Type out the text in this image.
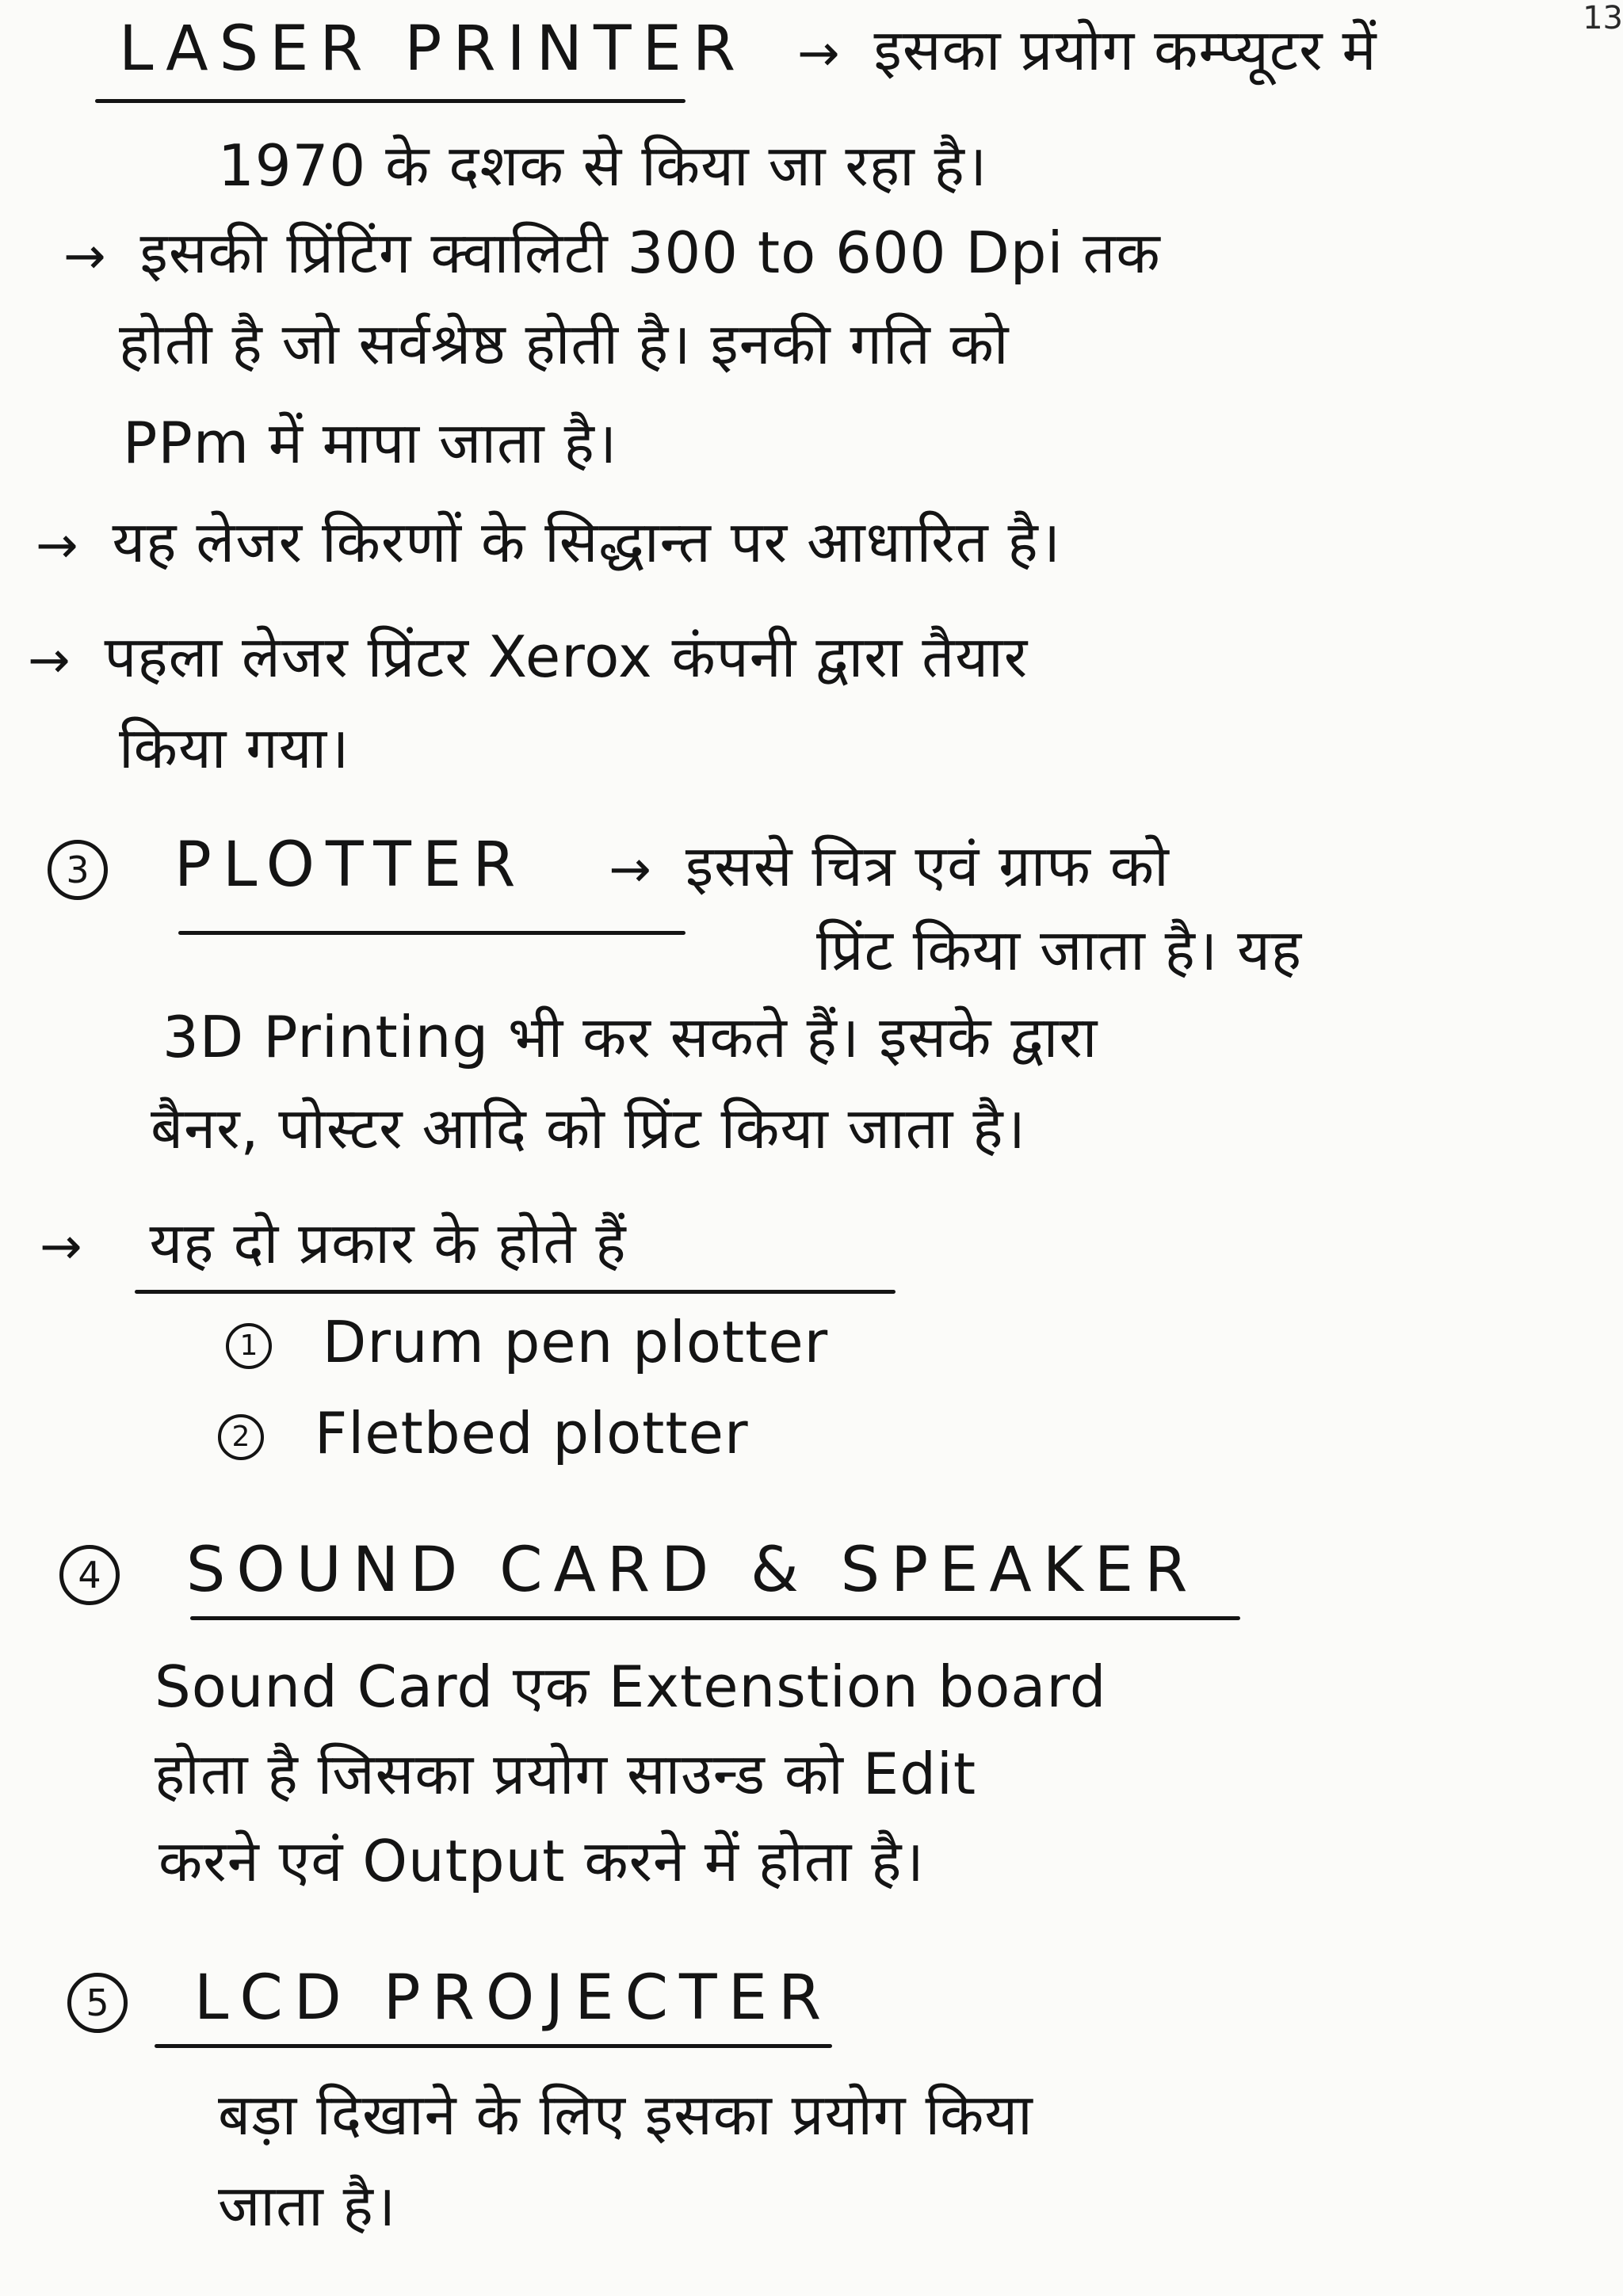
13
LASER PRINTER → इसका प्रयोग कम्प्यूटर में
1970 के दशक से किया जा रहा है।
→ इसकी प्रिंटिंग क्वालिटी 300 to 600 Dpi तक
होती है जो सर्वश्रेष्ठ होती है। इनकी गति को
PPm में मापा जाता है।
→ यह लेजर किरणों के सिद्धान्त पर आधारित है।
→ पहला लेजर प्रिंटर Xerox कंपनी द्वारा तैयार
किया गया।
3 PLOTTER → इससे चित्र एवं ग्राफ को
प्रिंट किया जाता है। यह
3D Printing भी कर सकते हैं। इसके द्वारा
बैनर, पोस्टर आदि को प्रिंट किया जाता है।
→ यह दो प्रकार के होते हैं
1 Drum pen plotter
2 Fletbed plotter
4 SOUND CARD & SPEAKER
Sound Card एक Extenstion board
होता है जिसका प्रयोग साउन्ड को Edit
करने एवं Output करने में होता है।
5 LCD PROJECTER
बड़ा दिखाने के लिए इसका प्रयोग किया
जाता है।
